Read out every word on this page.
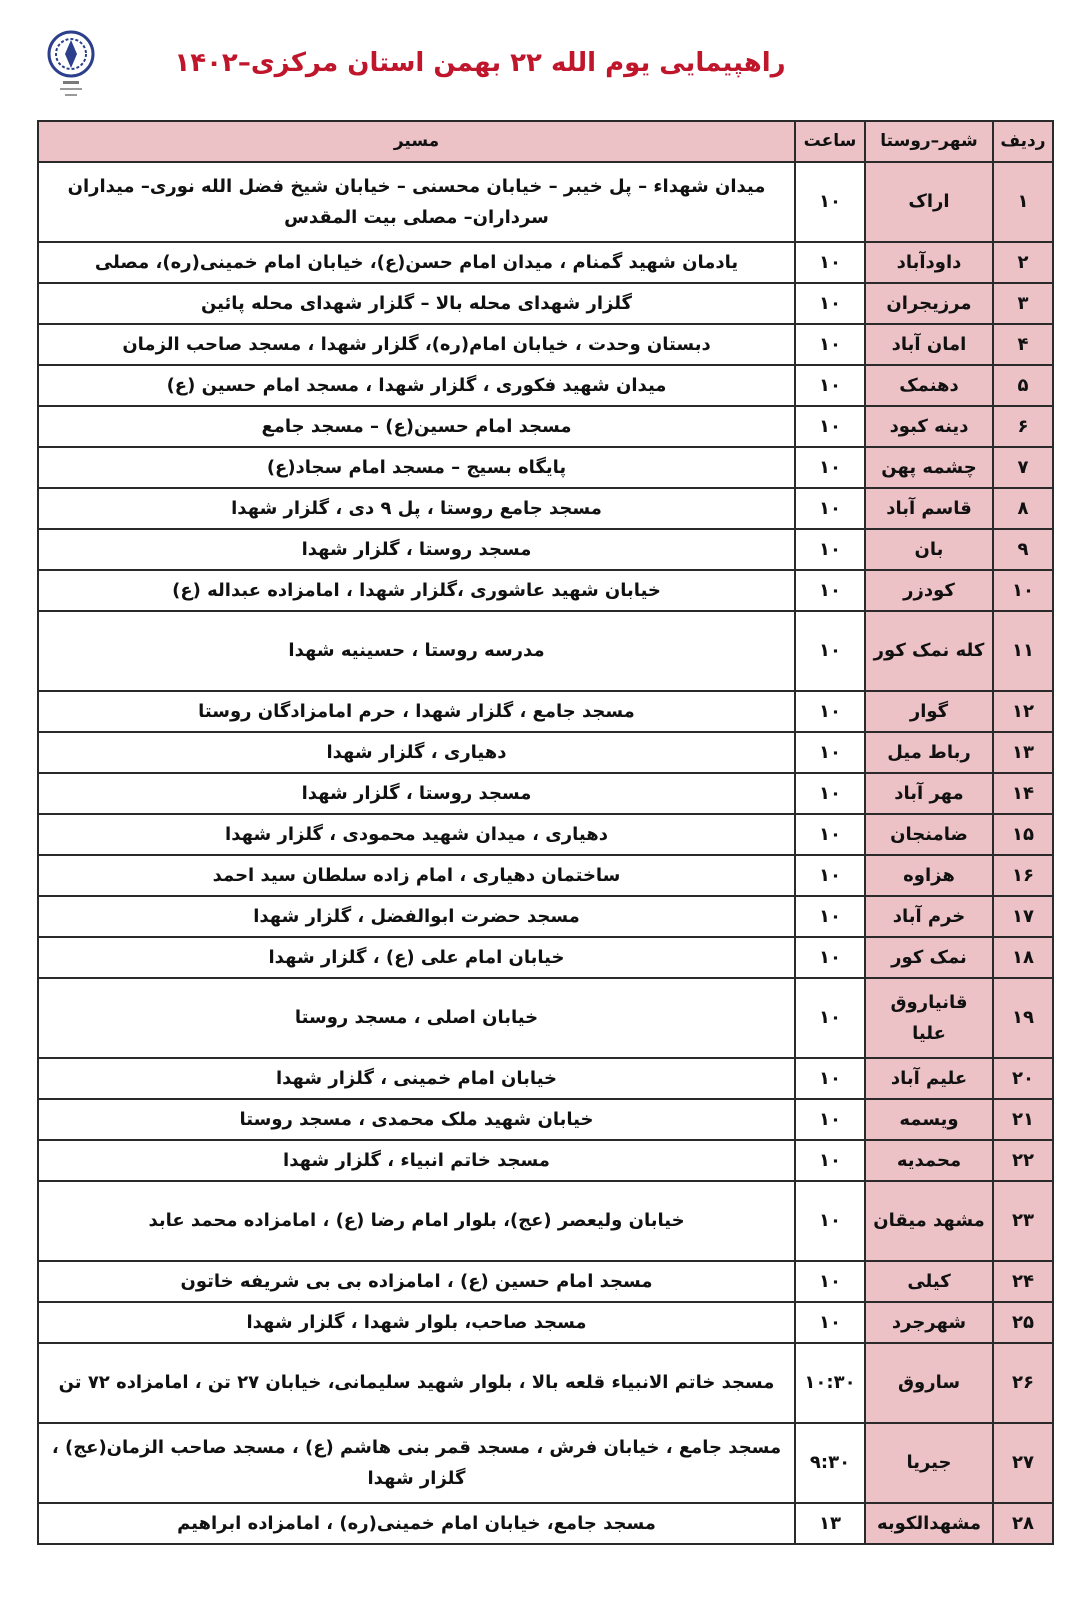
راهپیمایی یوم الله ۲۲ بهمن استان مرکزی–۱۴۰۲
ردیف	شهر–روستا	ساعت	مسیر
۱	اراک	۱۰	میدان شهداء – پل خیبر – خیابان محسنی – خیابان شیخ فضل الله نوری– میداران سرداران– مصلی بیت المقدس
۲	داودآباد	۱۰	یادمان شهید گمنام ، میدان امام حسن(ع)، خیابان امام خمینی(ره)، مصلی
۳	مرزیجران	۱۰	گلزار شهدای محله بالا – گلزار شهدای محله پائین
۴	امان آباد	۱۰	دبستان وحدت ، خیابان امام(ره)، گلزار شهدا ، مسجد صاحب الزمان
۵	دهنمک	۱۰	میدان شهید فکوری ، گلزار شهدا ، مسجد امام حسین (ع)
۶	دینه کبود	۱۰	مسجد امام حسین(ع) – مسجد جامع
۷	چشمه پهن	۱۰	پایگاه بسیج – مسجد امام سجاد(ع)
۸	قاسم آباد	۱۰	مسجد جامع روستا ، پل ۹ دی ، گلزار شهدا
۹	بان	۱۰	مسجد روستا ، گلزار شهدا
۱۰	کودزر	۱۰	خیابان شهید عاشوری ،گلزار شهدا ، امامزاده عبداله (ع)
۱۱	کله نمک کور	۱۰	مدرسه روستا ، حسینیه شهدا
۱۲	گوار	۱۰	مسجد جامع ، گلزار شهدا ، حرم امامزادگان روستا
۱۳	رباط میل	۱۰	دهیاری ، گلزار شهدا
۱۴	مهر آباد	۱۰	مسجد روستا ، گلزار شهدا
۱۵	ضامنجان	۱۰	دهیاری ، میدان شهید محمودی ، گلزار شهدا
۱۶	هزاوه	۱۰	ساختمان دهیاری ، امام زاده سلطان سید احمد
۱۷	خرم آباد	۱۰	مسجد حضرت ابوالفضل ، گلزار شهدا
۱۸	نمک کور	۱۰	خیابان امام علی (ع) ، گلزار شهدا
۱۹	قانیاروق علیا	۱۰	خیابان اصلی ، مسجد روستا
۲۰	علیم آباد	۱۰	خیابان امام خمینی ، گلزار شهدا
۲۱	ویسمه	۱۰	خیابان شهید ملک محمدی ، مسجد روستا
۲۲	محمدیه	۱۰	مسجد خاتم انبیاء ، گلزار شهدا
۲۳	مشهد میقان	۱۰	خیابان ولیعصر (عج)، بلوار امام رضا (ع) ، امامزاده محمد عابد
۲۴	کیلی	۱۰	مسجد امام حسین (ع) ، امامزاده بی بی شریفه خاتون
۲۵	شهرجرد	۱۰	مسجد صاحب، بلوار شهدا ، گلزار شهدا
۲۶	ساروق	۱۰:۳۰	مسجد خاتم الانبیاء قلعه بالا ، بلوار شهید سلیمانی، خیابان ۲۷ تن ، امامزاده ۷۲ تن
۲۷	جیریا	۹:۳۰	مسجد جامع ، خیابان فرش ، مسجد قمر بنی هاشم (ع) ، مسجد صاحب الزمان(عج) ، گلزار شهدا
۲۸	مشهدالکوبه	۱۳	مسجد جامع، خیابان امام خمینی(ره) ، امامزاده ابراهیم
